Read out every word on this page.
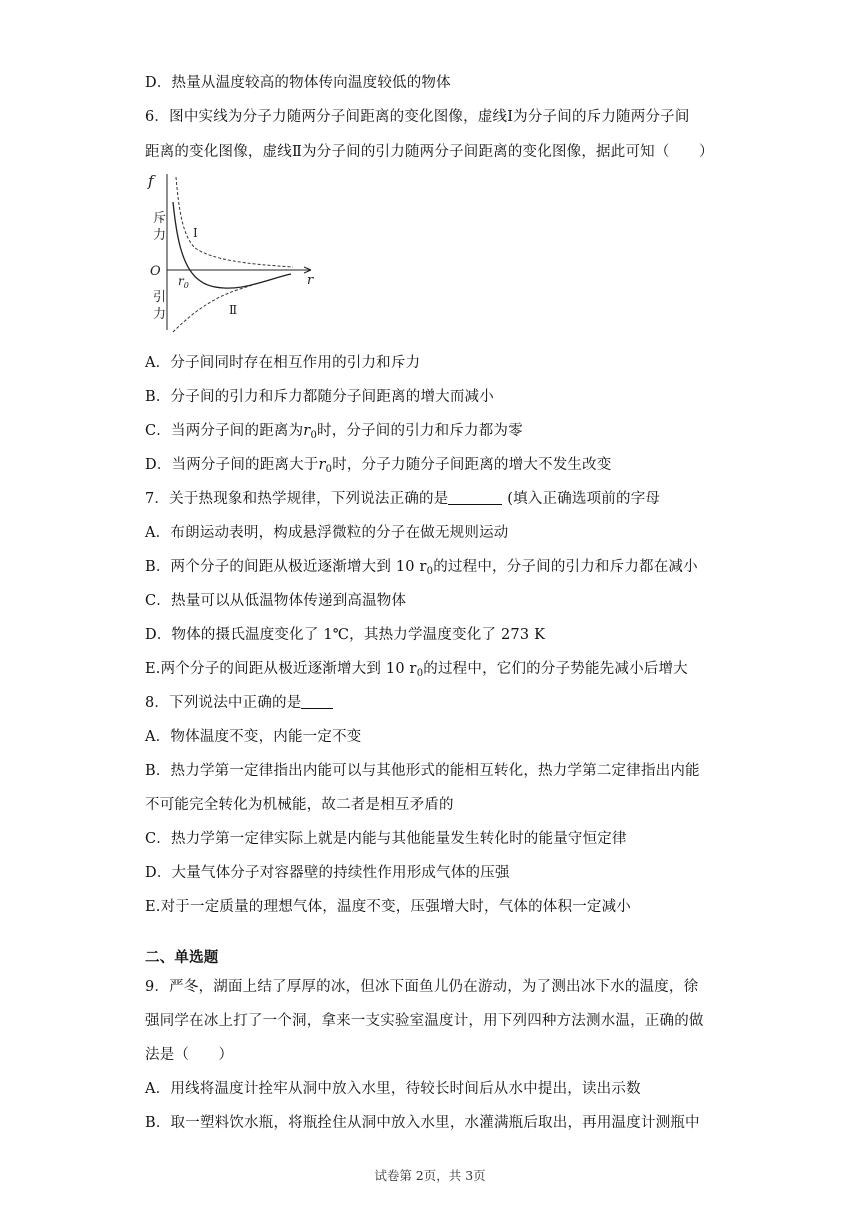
D．热量从温度较高的物体传向温度较低的物体
6．图中实线为分子力随两分子间距离的变化图像，虚线Ⅰ为分子间的斥力随两分子间
距离的变化图像，虚线Ⅱ为分子间的引力随两分子间距离的变化图像，据此可知（　　）
f
斥
力
O
引
力
$r_0$	r
Ⅰ
Ⅱ
A．分子间同时存在相互作用的引力和斥力
B．分子间的引力和斥力都随分子间距离的增大而减小
C．当两分子间的距离为$r_0$时，分子间的引力和斥力都为零
D．当两分子间的距离大于$r_0$时，分子力随分子间距离的增大不发生改变
7．关于热现象和热学规律，下列说法正确的是	(填入正确选项前的字母
A．布朗运动表明，构成悬浮微粒的分子在做无规则运动
B．两个分子的间距从极近逐渐增大到 10 $r_0$的过程中，分子间的引力和斥力都在减小
C．热量可以从低温物体传递到高温物体
D．物体的摄氏温度变化了 1℃，其热力学温度变化了 273 K
E.两个分子的间距从极近逐渐增大到 10 $r_0$的过程中，它们的分子势能先减小后增大
8．下列说法中正确的是
A．物体温度不变，内能一定不变
B．热力学第一定律指出内能可以与其他形式的能相互转化，热力学第二定律指出内能
不可能完全转化为机械能，故二者是相互矛盾的
C．热力学第一定律实际上就是内能与其他能量发生转化时的能量守恒定律
D．大量气体分子对容器壁的持续性作用形成气体的压强
E.对于一定质量的理想气体，温度不变，压强增大时，气体的体积一定减小
二、单选题
9．严冬，湖面上结了厚厚的冰，但冰下面鱼儿仍在游动，为了测出冰下水的温度，徐
强同学在冰上打了一个洞，拿来一支实验室温度计，用下列四种方法测水温，正确的做
法是（　　）
A．用线将温度计拴牢从洞中放入水里，待较长时间后从水中提出，读出示数
B．取一塑料饮水瓶，将瓶拴住从洞中放入水里，水灌满瓶后取出，再用温度计测瓶中
试卷第 2页，共 3页
